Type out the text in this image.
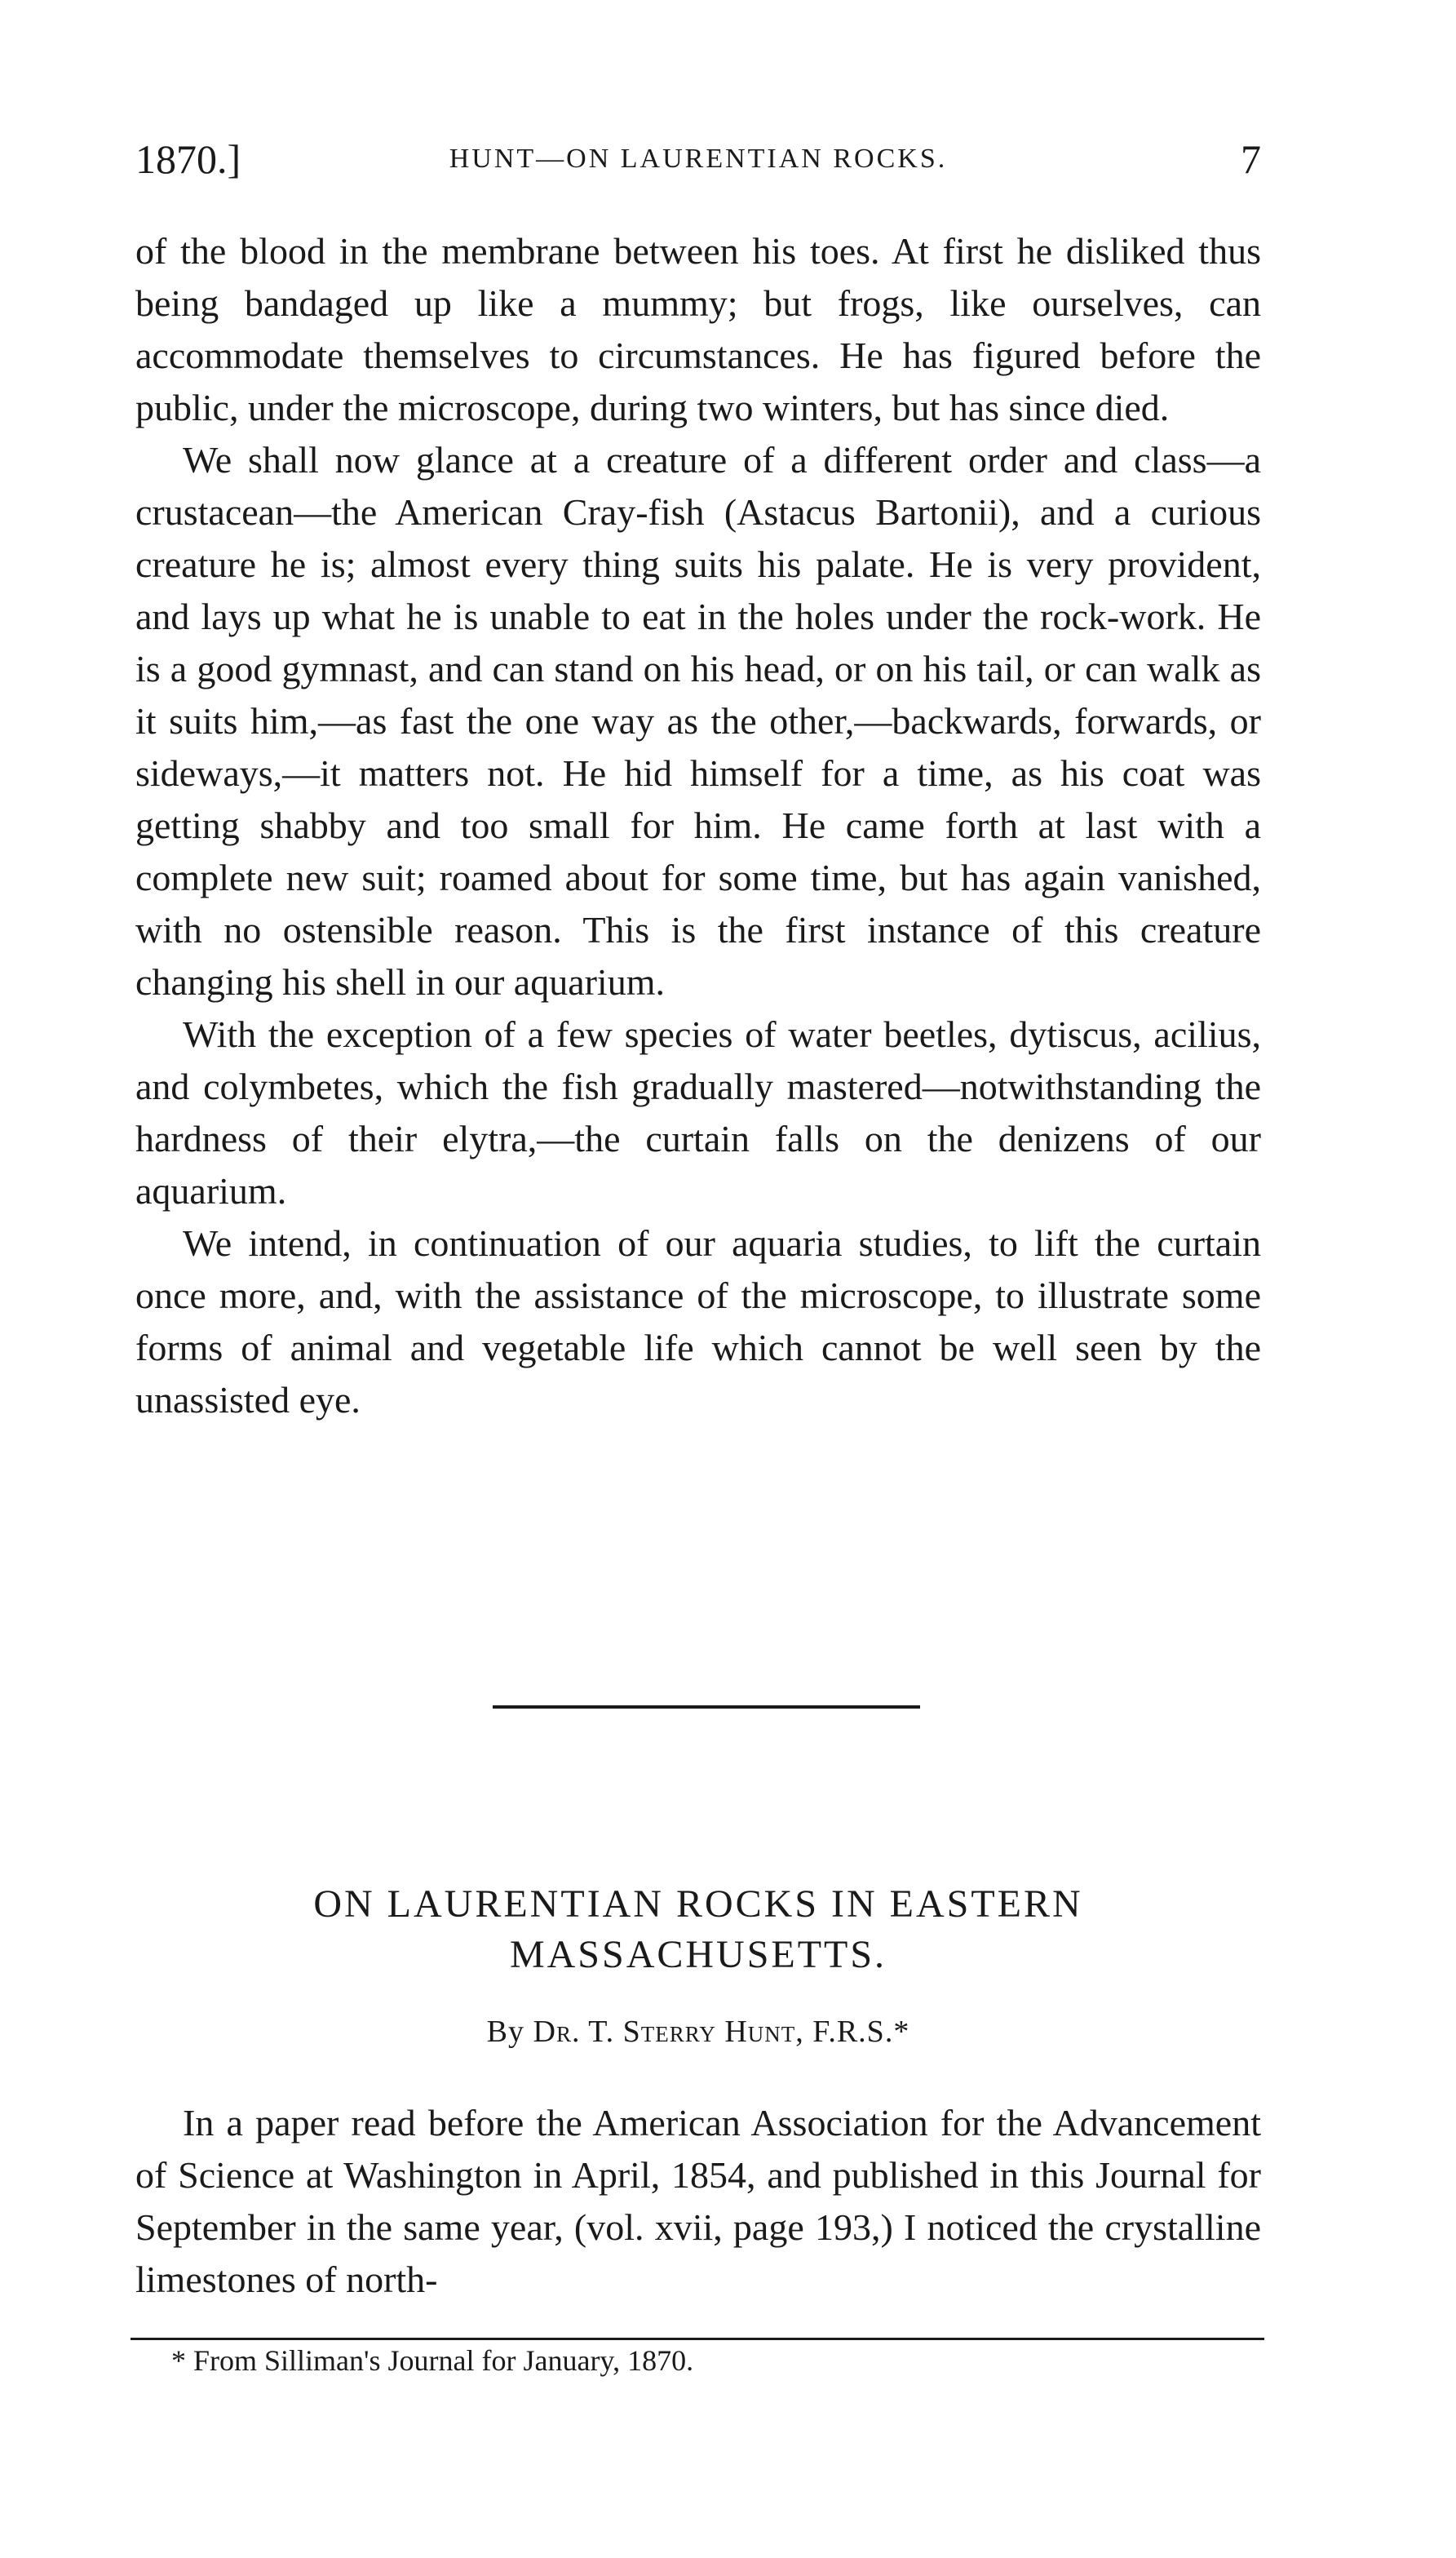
1870.]	HUNT—ON LAURENTIAN ROCKS.	7

of the blood in the membrane between his toes. At first he disliked thus being bandaged up like a mummy; but frogs, like ourselves, can accommodate themselves to circumstances. He has figured before the public, under the microscope, during two winters, but has since died.

We shall now glance at a creature of a different order and class—a crustacean—the American Cray-fish (Astacus Bartonii), and a curious creature he is; almost every thing suits his palate. He is very provident, and lays up what he is unable to eat in the holes under the rock-work. He is a good gymnast, and can stand on his head, or on his tail, or can walk as it suits him,—as fast the one way as the other,—backwards, forwards, or sideways,—it matters not. He hid himself for a time, as his coat was getting shabby and too small for him. He came forth at last with a complete new suit; roamed about for some time, but has again vanished, with no ostensible reason. This is the first instance of this creature changing his shell in our aquarium.

With the exception of a few species of water beetles, dytiscus, acilius, and colymbetes, which the fish gradually mastered—notwithstanding the hardness of their elytra,—the curtain falls on the denizens of our aquarium.

We intend, in continuation of our aquaria studies, to lift the curtain once more, and, with the assistance of the microscope, to illustrate some forms of animal and vegetable life which cannot be well seen by the unassisted eye.

ON LAURENTIAN ROCKS IN EASTERN MASSACHUSETTS.
By Dr. T. Sterry Hunt, F.R.S.*

In a paper read before the American Association for the Advancement of Science at Washington in April, 1854, and published in this Journal for September in the same year, (vol. xvii, page 193,) I noticed the crystalline limestones of north-

* From Silliman's Journal for January, 1870.
